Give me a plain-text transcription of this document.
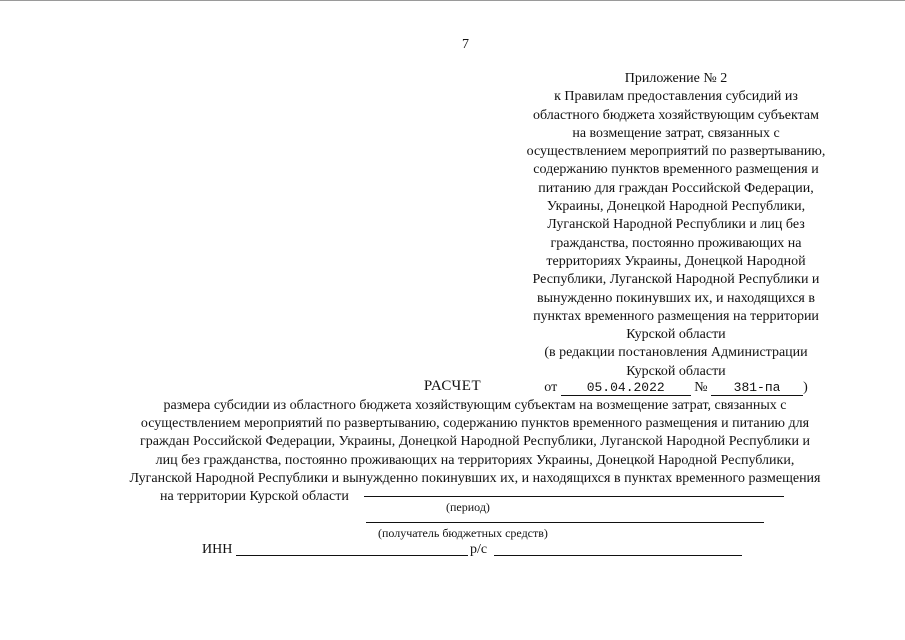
7
Приложение № 2
к Правилам предоставления субсидий из
областного бюджета хозяйствующим субъектам
на возмещение затрат, связанных с
осуществлением мероприятий по развертыванию,
содержанию пунктов временного размещения и
питанию для граждан Российской Федерации,
Украины, Донецкой Народной Республики,
Луганской Народной Республики и лиц без
гражданства, постоянно проживающих на
территориях Украины, Донецкой Народной
Республики, Луганской Народной Республики и
вынужденно покинувших их, и находящихся в
пунктах временного размещения на территории
Курской области
(в редакции постановления Администрации
Курской области
от 05.04.2022 № 381-па )
РАСЧЕТ
размера субсидии из областного бюджета хозяйствующим субъектам на возмещение затрат, связанных с
осуществлением мероприятий по развертыванию, содержанию пунктов временного размещения и питанию для
граждан Российской Федерации, Украины, Донецкой Народной Республики, Луганской Народной Республики и
лиц без гражданства, постоянно проживающих на территориях Украины, Донецкой Народной Республики,
Луганской Народной Республики и вынужденно покинувших их, и находящихся в пунктах временного размещения
на территории Курской области
(период)
(получатель бюджетных средств)
ИНН	р/с
